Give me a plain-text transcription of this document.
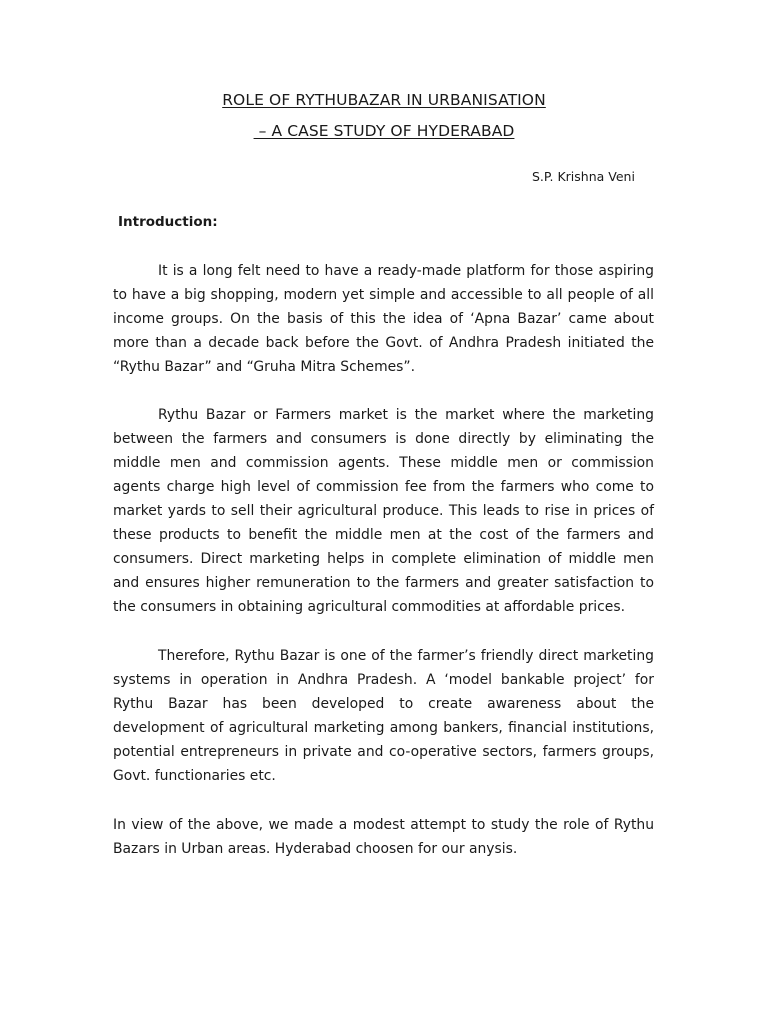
ROLE OF RYTHUBAZAR IN URBANISATION
– A CASE STUDY OF HYDERABAD
S.P. Krishna Veni
Introduction:

It is a long felt need to have a ready-made platform for those aspiring to have a big shopping, modern yet simple and accessible to all people of all income groups. On the basis of this the idea of ‘Apna Bazar’ came about more than a decade back before the Govt. of Andhra Pradesh initiated the “Rythu Bazar” and “Gruha Mitra Schemes”.

Rythu Bazar or Farmers market is the market where the marketing between the farmers and consumers is done directly by eliminating the middle men and commission agents. These middle men or commission agents charge high level of commission fee from the farmers who come to market yards to sell their agricultural produce. This leads to rise in prices of these products to benefit the middle men at the cost of the farmers and consumers. Direct marketing helps in complete elimination of middle men and ensures higher remuneration to the farmers and greater satisfaction to the consumers in obtaining agricultural commodities at affordable prices.

Therefore, Rythu Bazar is one of the farmer’s friendly direct marketing systems in operation in Andhra Pradesh. A ‘model bankable project’ for Rythu Bazar has been developed to create awareness about the development of agricultural marketing among bankers, financial institutions, potential entrepreneurs in private and co-operative sectors, farmers groups, Govt. functionaries etc.

In view of the above, we made a modest attempt to study the role of Rythu Bazars in Urban areas. Hyderabad choosen for our anysis.
